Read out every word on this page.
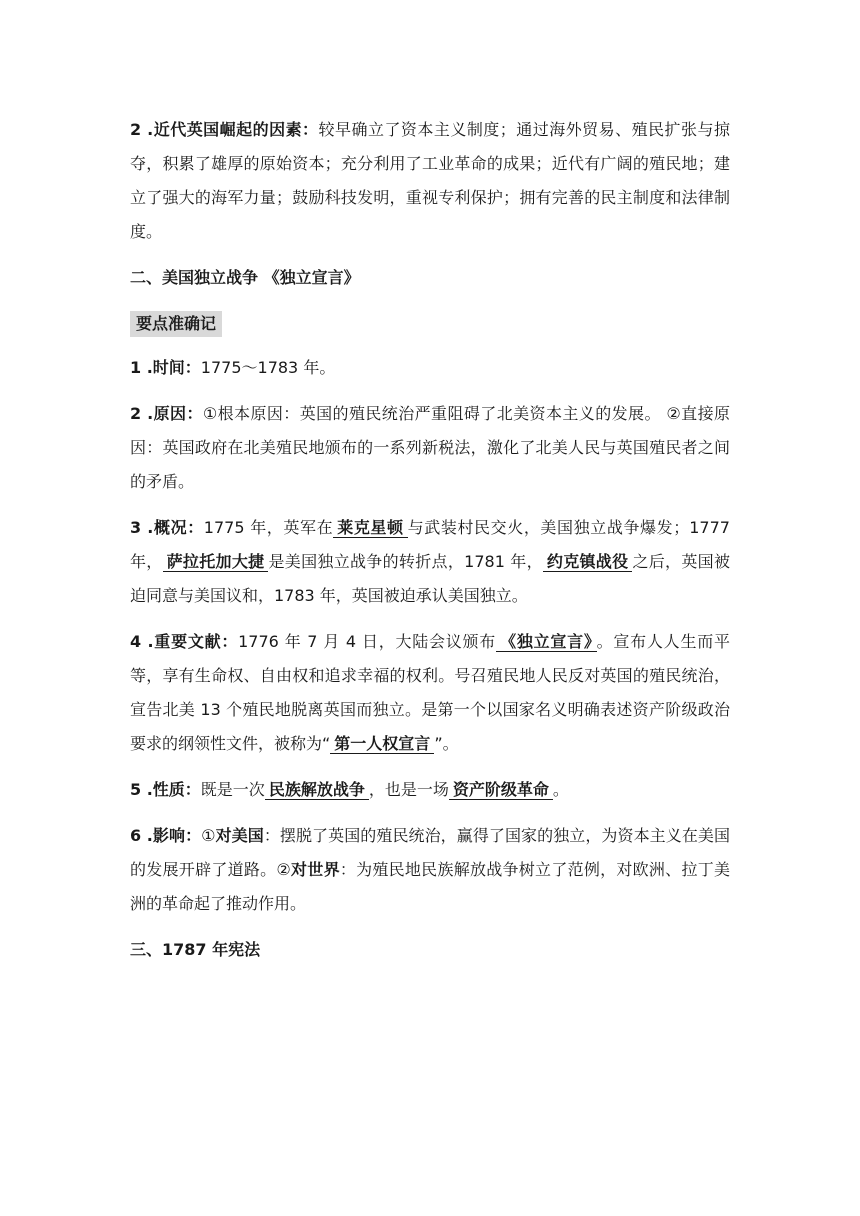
2 .近代英国崛起的因素：较早确立了资本主义制度；通过海外贸易、殖民扩张与掠夺，积累了雄厚的原始资本；充分利用了工业革命的成果；近代有广阔的殖民地；建立了强大的海军力量；鼓励科技发明，重视专利保护；拥有完善的民主制度和法律制度。

二、美国独立战争 《独立宣言》
要点准确记

1 .时间：1775～1783 年。

2 .原因：①根本原因：英国的殖民统治严重阻碍了北美资本主义的发展。 ②直接原因：英国政府在北美殖民地颁布的一系列新税法，激化了北美人民与英国殖民者之间的矛盾。

3 .概况：1775 年，英军在 莱克星顿 与武装村民交火，美国独立战争爆发；1777 年， 萨拉托加大捷 是美国独立战争的转折点，1781 年， 约克镇战役 之后，英国被迫同意与美国议和，1783 年，英国被迫承认美国独立。

4 .重要文献：1776 年 7 月 4 日，大陆会议颁布 《独立宣言》 。宣布人人生而平等，享有生命权、自由权和追求幸福的权利。号召殖民地人民反对英国的殖民统治，宣告北美 13 个殖民地脱离英国而独立。是第一个以国家名义明确表述资产阶级政治要求的纲领性文件，被称为“ 第一人权宣言 ”。

5 .性质：既是一次 民族解放战争 ，也是一场 资产阶级革命 。

6 .影响：①对美国：摆脱了英国的殖民统治，赢得了国家的独立，为资本主义在美国的发展开辟了道路。②对世界：为殖民地民族解放战争树立了范例，对欧洲、拉丁美洲的革命起了推动作用。

三、1787 年宪法
